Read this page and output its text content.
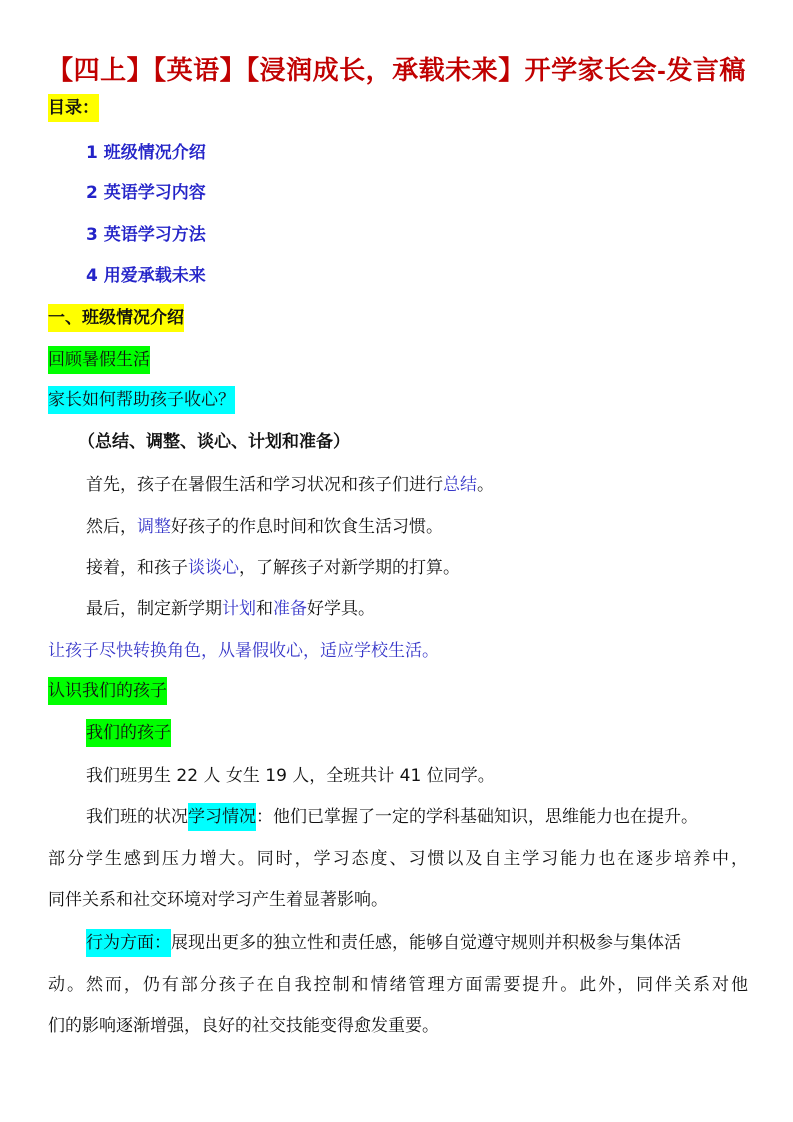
【四上】【英语】【浸润成长，承载未来】开学家长会-发言稿
目录：
1 班级情况介绍
2 英语学习内容
3 英语学习方法
4 用爱承载未来
一、班级情况介绍
回顾暑假生活
家长如何帮助孩子收心？
（总结、调整、谈心、计划和准备）
首先，孩子在暑假生活和学习状况和孩子们进行总结。
然后，调整好孩子的作息时间和饮食生活习惯。
接着，和孩子谈谈心，了解孩子对新学期的打算。
最后，制定新学期计划和准备好学具。
让孩子尽快转换角色，从暑假收心，适应学校生活。
认识我们的孩子
我们的孩子
我们班男生 22 人 女生 19 人，全班共计 41 位同学。
我们班的状况学习情况：他们已掌握了一定的学科基础知识，思维能力也在提升。
部分学生感到压力增大。同时，学习态度、习惯以及自主学习能力也在逐步培养中，
同伴关系和社交环境对学习产生着显著影响。
行为方面：展现出更多的独立性和责任感，能够自觉遵守规则并积极参与集体活
动。然而，仍有部分孩子在自我控制和情绪管理方面需要提升。此外，同伴关系对他
们的影响逐渐增强，良好的社交技能变得愈发重要。
